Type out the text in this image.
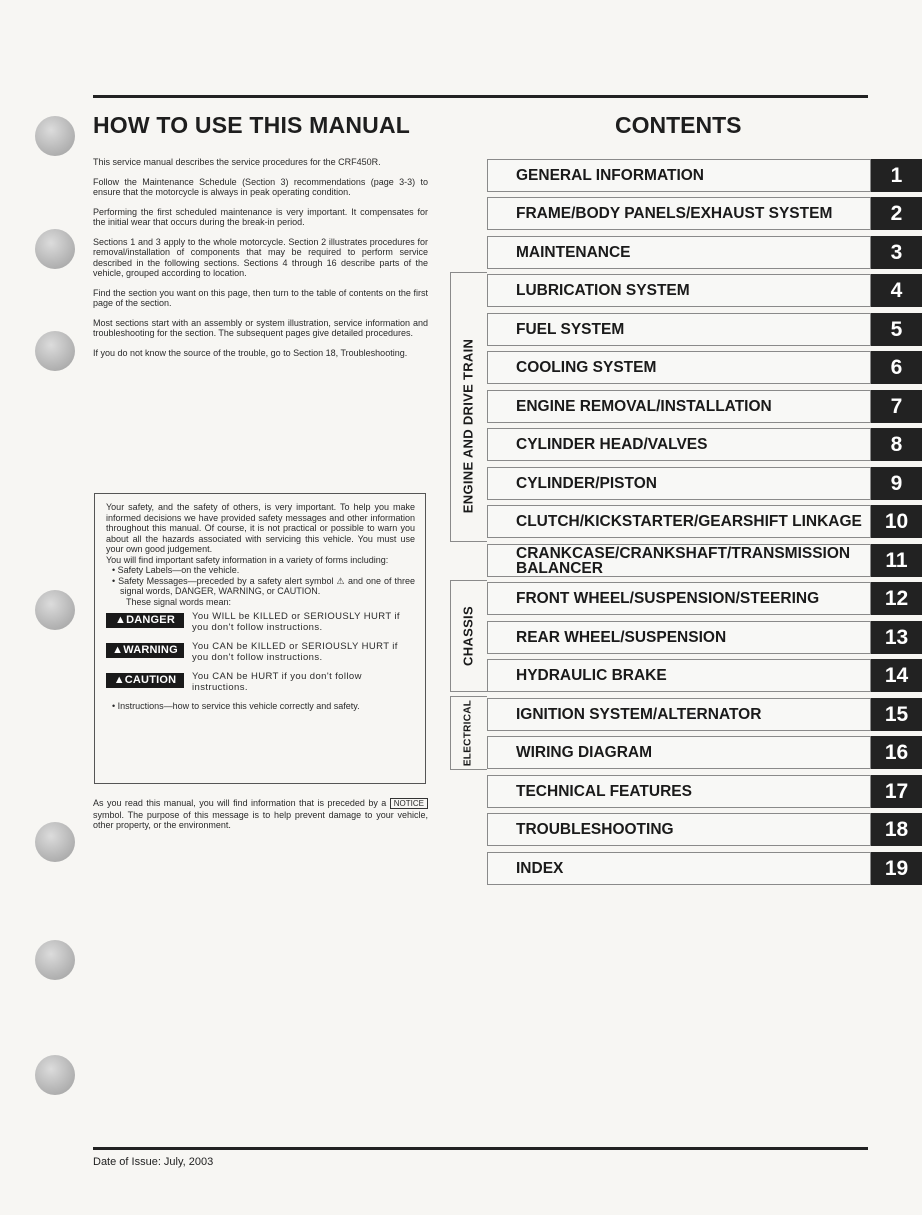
HOW TO USE THIS MANUAL

This service manual describes the service procedures for the CRF450R.

Follow the Maintenance Schedule (Section 3) recommendations (page 3-3) to ensure that the motorcycle is always in peak operating condition.

Performing the first scheduled maintenance is very important. It compensates for the initial wear that occurs during the break-in period.

Sections 1 and 3 apply to the whole motorcycle. Section 2 illustrates procedures for removal/installation of components that may be required to perform service described in the following sections. Sections 4 through 16 describe parts of the vehicle, grouped according to location.

Find the section you want on this page, then turn to the table of contents on the first page of the section.

Most sections start with an assembly or system illustration, service information and troubleshooting for the section. The subsequent pages give detailed procedures.

If you do not know the source of the trouble, go to Section 18, Troubleshooting.

Your safety, and the safety of others, is very important. To help you make informed decisions we have provided safety messages and other information throughout this manual. Of course, it is not practical or possible to warn you about all the hazards associated with servicing this vehicle. You must use your own good judgement.

You will find important safety information in a variety of forms including:

• Safety Labels—on the vehicle.

• Safety Messages—preceded by a safety alert symbol ⚠ and one of three signal words, DANGER, WARNING, or CAUTION.

These signal words mean:

▲DANGER	You WILL be KILLED or SERIOUSLY HURT if you don't follow instructions.
▲WARNING	You CAN be KILLED or SERIOUSLY HURT if you don't follow instructions.
▲CAUTION	You CAN be HURT if you don't follow instructions.

• Instructions—how to service this vehicle correctly and safety.

As you read this manual, you will find information that is preceded by a NOTICE symbol. The purpose of this message is to help prevent damage to your vehicle, other property, or the environment.

CONTENTS
ENGINE AND DRIVE TRAIN
CHASSIS
ELECTRICAL
GENERAL INFORMATION	1
FRAME/BODY PANELS/EXHAUST SYSTEM	2
MAINTENANCE	3
LUBRICATION SYSTEM	4
FUEL SYSTEM	5
COOLING SYSTEM	6
ENGINE REMOVAL/INSTALLATION	7
CYLINDER HEAD/VALVES	8
CYLINDER/PISTON	9
CLUTCH/KICKSTARTER/GEARSHIFT LINKAGE	10
CRANKCASE/CRANKSHAFT/TRANSMISSION BALANCER	11
FRONT WHEEL/SUSPENSION/STEERING	12
REAR WHEEL/SUSPENSION	13
HYDRAULIC BRAKE	14
IGNITION SYSTEM/ALTERNATOR	15
WIRING DIAGRAM	16
TECHNICAL FEATURES	17
TROUBLESHOOTING	18
INDEX	19
Date of Issue: July, 2003
